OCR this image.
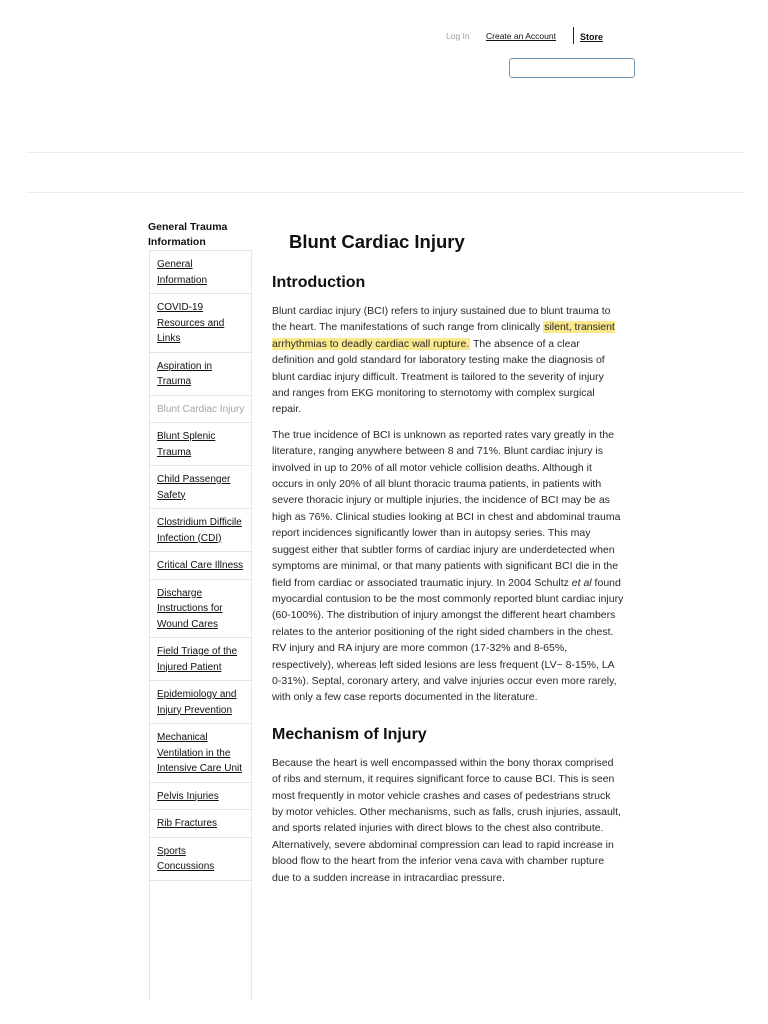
Log In Create an Account	Store
General Trauma Information
General Information
COVID-19 Resources and Links
Aspiration in Trauma
Blunt Cardiac Injury
Blunt Splenic Trauma
Child Passenger Safety
Clostridium Difficile Infection (CDI)
Critical Care Illness
Discharge Instructions for Wound Cares
Field Triage of the Injured Patient
Epidemiology and Injury Prevention
Mechanical Ventilation in the Intensive Care Unit
Pelvis Injuries
Rib Fractures
Sports Concussions
Blunt Cardiac Injury
Introduction

Blunt cardiac injury (BCI) refers to injury sustained due to blunt trauma to the heart. The manifestations of such range from clinically silent, transient arrhythmias to deadly cardiac wall rupture. The absence of a clear definition and gold standard for laboratory testing make the diagnosis of blunt cardiac injury difficult. Treatment is tailored to the severity of injury and ranges from EKG monitoring to sternotomy with complex surgical repair.

The true incidence of BCI is unknown as reported rates vary greatly in the literature, ranging anywhere between 8 and 71%. Blunt cardiac injury is involved in up to 20% of all motor vehicle collision deaths. Although it occurs in only 20% of all blunt thoracic trauma patients, in patients with severe thoracic injury or multiple injuries, the incidence of BCI may be as high as 76%. Clinical studies looking at BCI in chest and abdominal trauma report incidences significantly lower than in autopsy series. This may suggest either that subtler forms of cardiac injury are underdetected when symptoms are minimal, or that many patients with significant BCI die in the field from cardiac or associated traumatic injury. In 2004 Schultz et al found myocardial contusion to be the most commonly reported blunt cardiac injury (60-100%). The distribution of injury amongst the different heart chambers relates to the anterior positioning of the right sided chambers in the chest. RV injury and RA injury are more common (17-32% and 8-65%, respectively), whereas left sided lesions are less frequent (LV~ 8-15%, LA 0-31%). Septal, coronary artery, and valve injuries occur even more rarely, with only a few case reports documented in the literature.

Mechanism of Injury

Because the heart is well encompassed within the bony thorax comprised of ribs and sternum, it requires significant force to cause BCI. This is seen most frequently in motor vehicle crashes and cases of pedestrians struck by motor vehicles. Other mechanisms, such as falls, crush injuries, assault, and sports related injuries with direct blows to the chest also contribute. Alternatively, severe abdominal compression can lead to rapid increase in blood flow to the heart from the inferior vena cava with chamber rupture due to a sudden increase in intracardiac pressure.
